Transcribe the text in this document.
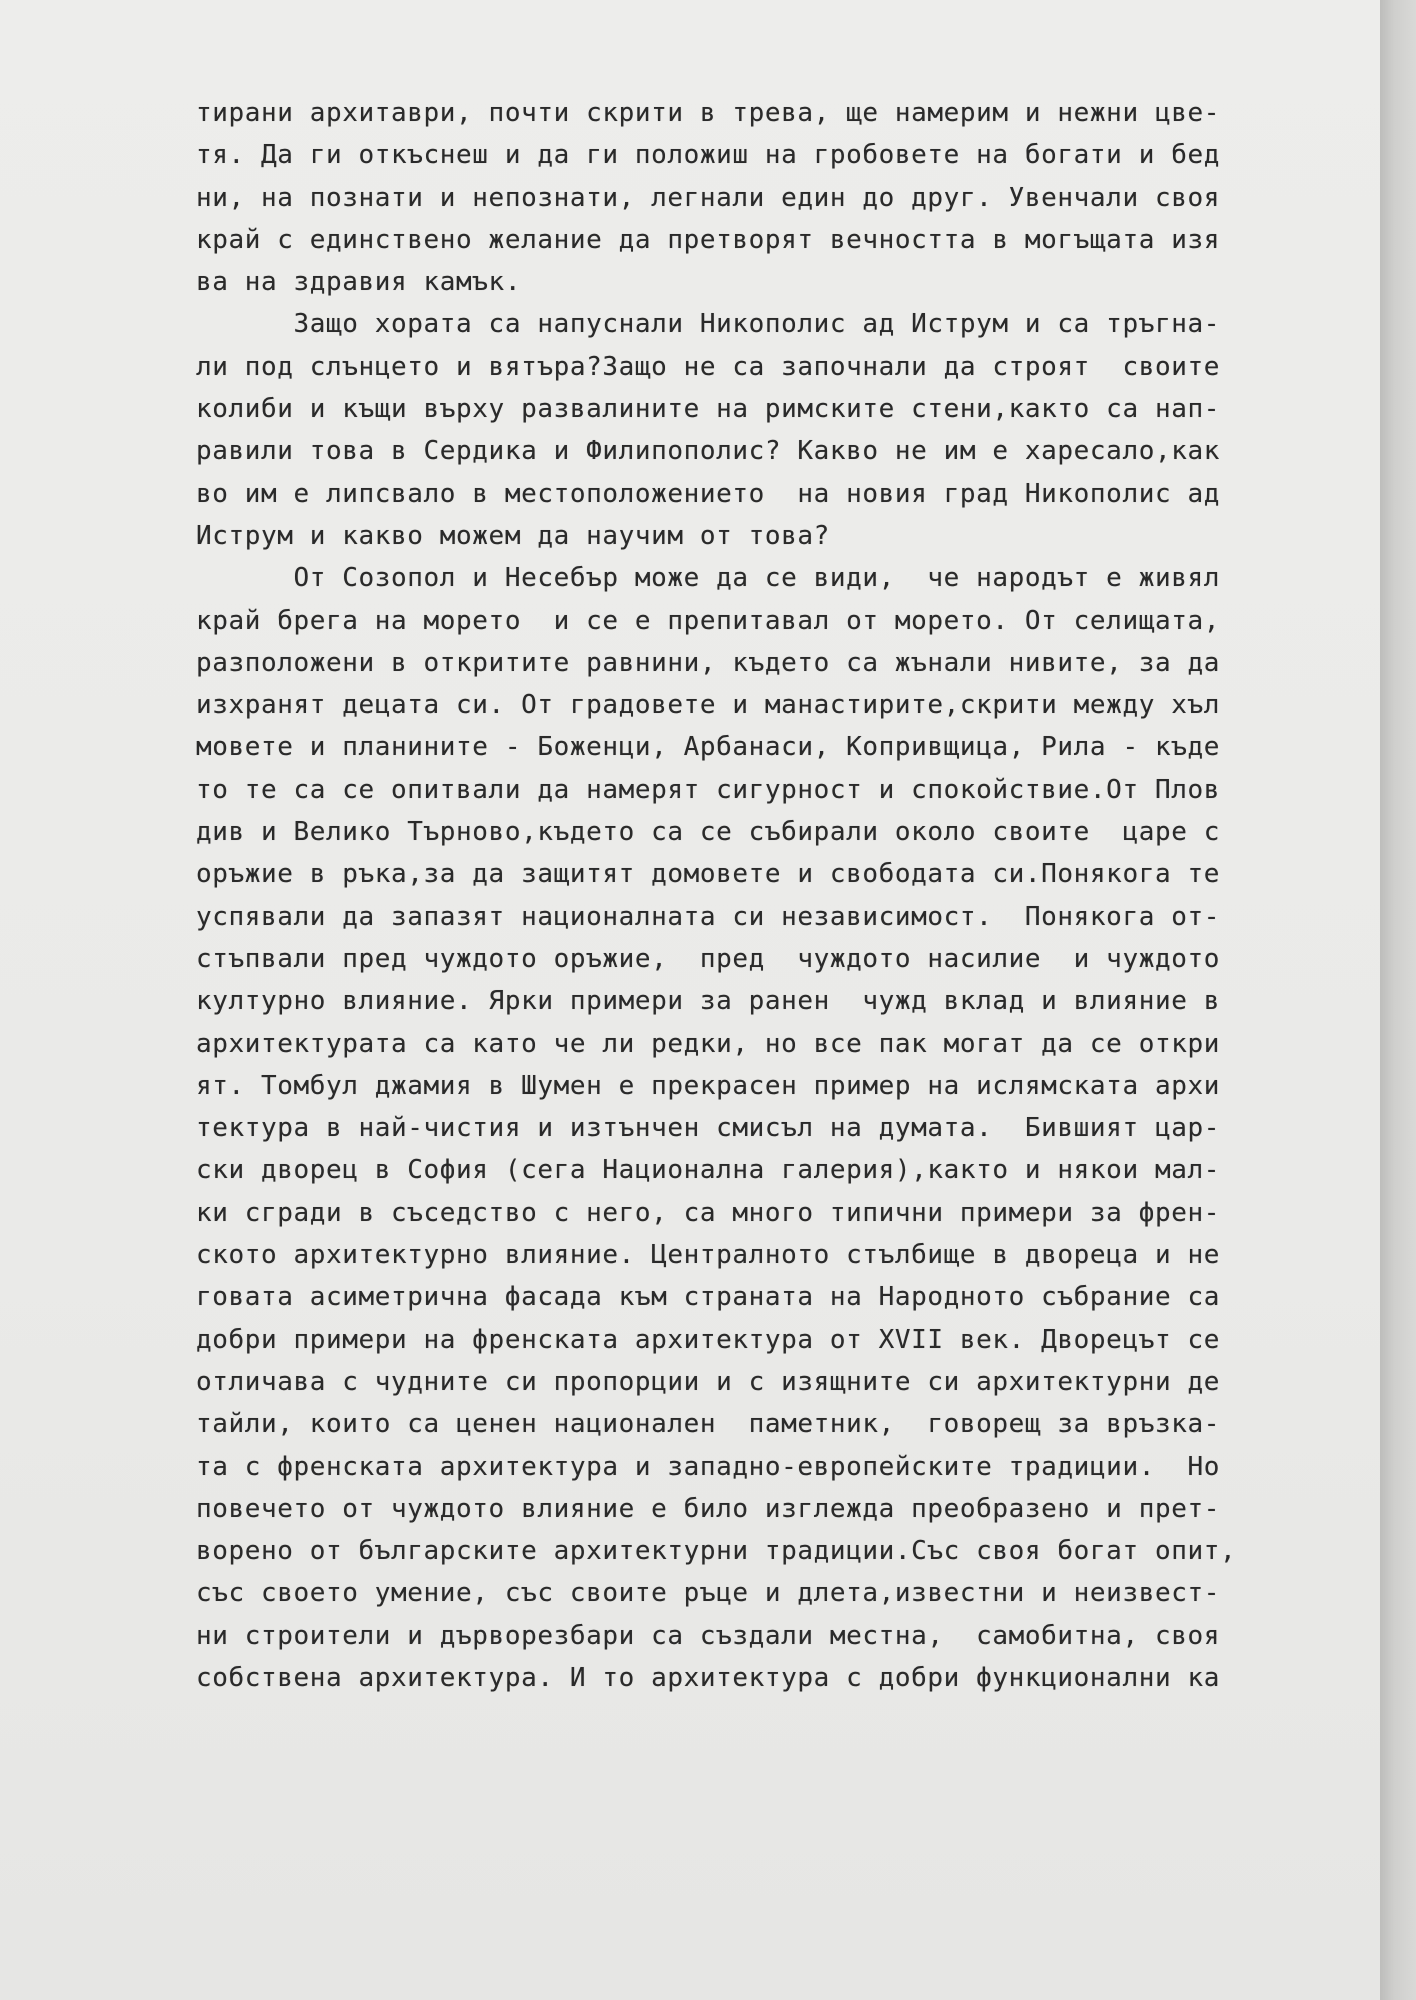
тирани архитаври, почти скрити в трева, ще намерим и нежни цве-
тя. Да ги откъснеш и да ги положиш на гробовете на богати и бед
ни, на познати и непознати, легнали един до друг. Увенчали своя
край с единствено желание да претворят вечността в могъщата изя
ва на здравия камък.
Защо хората са напуснали Никополис ад Иструм и са тръгна-
ли под слънцето и вятъра?Защо не са започнали да строят  своите
колиби и къщи върху развалините на римските стени,както са нап-
равили това в Сердика и Филипополис? Какво не им е харесало,как
во им е липсвало в местоположението  на новия град Никополис ад
Иструм и какво можем да научим от това?
От Созопол и Несебър може да се види,  че народът е живял
край брега на морето  и се е препитавал от морето. От селищата,
разположени в откритите равнини, където са жънали нивите, за да
изхранят децата си. От градовете и манастирите,скрити между хъл
мовете и планините - Боженци, Арбанаси, Копривщица, Рила - къде
то те са се опитвали да намерят сигурност и спокойствие.От Плов
див и Велико Търново,където са се събирали около своите  царе с
оръжие в ръка,за да защитят домовете и свободата си.Понякога те
успявали да запазят националната си независимост.  Понякога от-
стъпвали пред чуждото оръжие,  пред  чуждото насилие  и чуждото
културно влияние. Ярки примери за ранен  чужд вклад и влияние в
архитектурата са като че ли редки, но все пак могат да се откри
ят. Томбул джамия в Шумен е прекрасен пример на ислямската архи
тектура в най-чистия и изтънчен смисъл на думата.  Бившият цар-
ски дворец в София (сега Национална галерия),както и някои мал-
ки сгради в съседство с него, са много типични примери за френ-
ското архитектурно влияние. Централното стълбище в двореца и не
говата асиметрична фасада към страната на Народното събрание са
добри примери на френската архитектура от XVII век. Дворецът се
отличава с чудните си пропорции и с изящните си архитектурни де
тайли, които са ценен национален  паметник,  говорещ за връзка-
та с френската архитектура и западно-европейските традиции.  Но
повечето от чуждото влияние е било изглежда преобразено и прет-
ворено от българските архитектурни традиции.Със своя богат опит,
със своето умение, със своите ръце и длета,известни и неизвест-
ни строители и дърворезбари са създали местна,  самобитна, своя
собствена архитектура. И то архитектура с добри функционални ка
